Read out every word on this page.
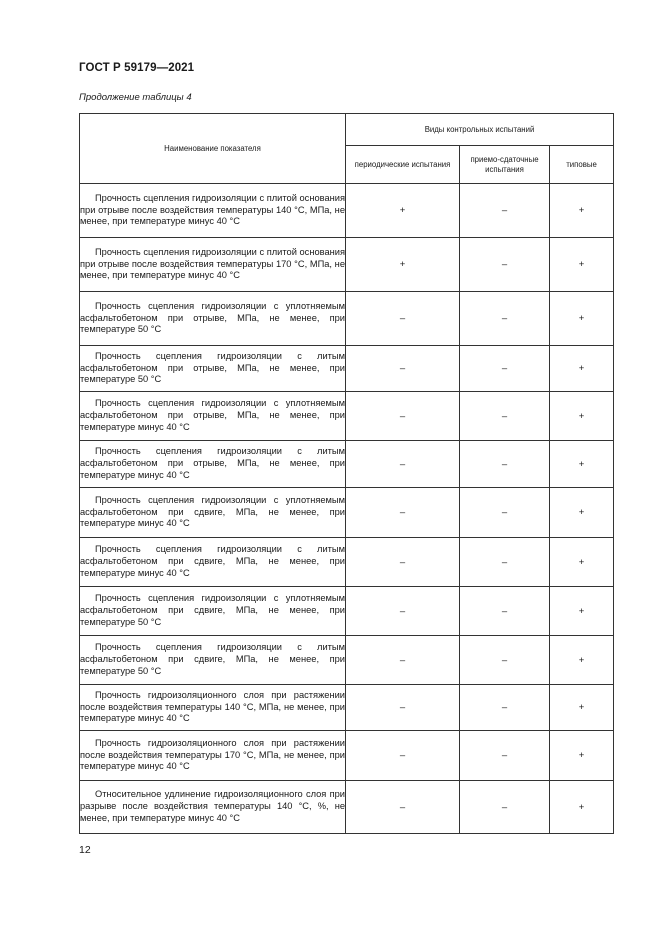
ГОСТ Р 59179—2021
Продолжение таблицы 4
Наименование показателя	Виды контрольных испытаний		
	периодические испытания	приемо-сдаточные испытания	типовые
Прочность сцепления гидроизоляции с плитой основания при отрыве после воздействия температуры 140 °С, МПа, не менее, при температуре минус 40 °С	+	–	+
Прочность сцепления гидроизоляции с плитой основания при отрыве после воздействия температуры 170 °С, МПа, не менее, при температуре минус 40 °С	+	–	+
Прочность сцепления гидроизоляции с уплотняемым асфальтобетоном при отрыве, МПа, не менее, при температуре 50 °С	–	–	+
Прочность сцепления гидроизоляции с литым асфальтобетоном при отрыве, МПа, не менее, при температуре 50 °С	–	–	+
Прочность сцепления гидроизоляции с уплотняемым асфальтобетоном при отрыве, МПа, не менее, при температуре минус 40 °С	–	–	+
Прочность сцепления гидроизоляции с литым асфальтобетоном при отрыве, МПа, не менее, при температуре минус 40 °С	–	–	+
Прочность сцепления гидроизоляции с уплотняемым асфальтобетоном при сдвиге, МПа, не менее, при температуре минус 40 °С	–	–	+
Прочность сцепления гидроизоляции с литым асфальтобетоном при сдвиге, МПа, не менее, при температуре минус 40 °С	–	–	+
Прочность сцепления гидроизоляции с уплотняемым асфальтобетоном при сдвиге, МПа, не менее, при температуре 50 °С	–	–	+
Прочность сцепления гидроизоляции с литым асфальтобетоном при сдвиге, МПа, не менее, при температуре 50 °С	–	–	+
Прочность гидроизоляционного слоя при растяжении после воздействия температуры 140 °С, МПа, не менее, при температуре минус 40 °С	–	–	+
Прочность гидроизоляционного слоя при растяжении после воздействия температуры 170 °С, МПа, не менее, при температуре минус 40 °С	–	–	+
Относительное удлинение гидроизоляционного слоя при разрыве после воздействия температуры 140 °С, %, не менее, при температуре минус 40 °С	–	–	+
12
